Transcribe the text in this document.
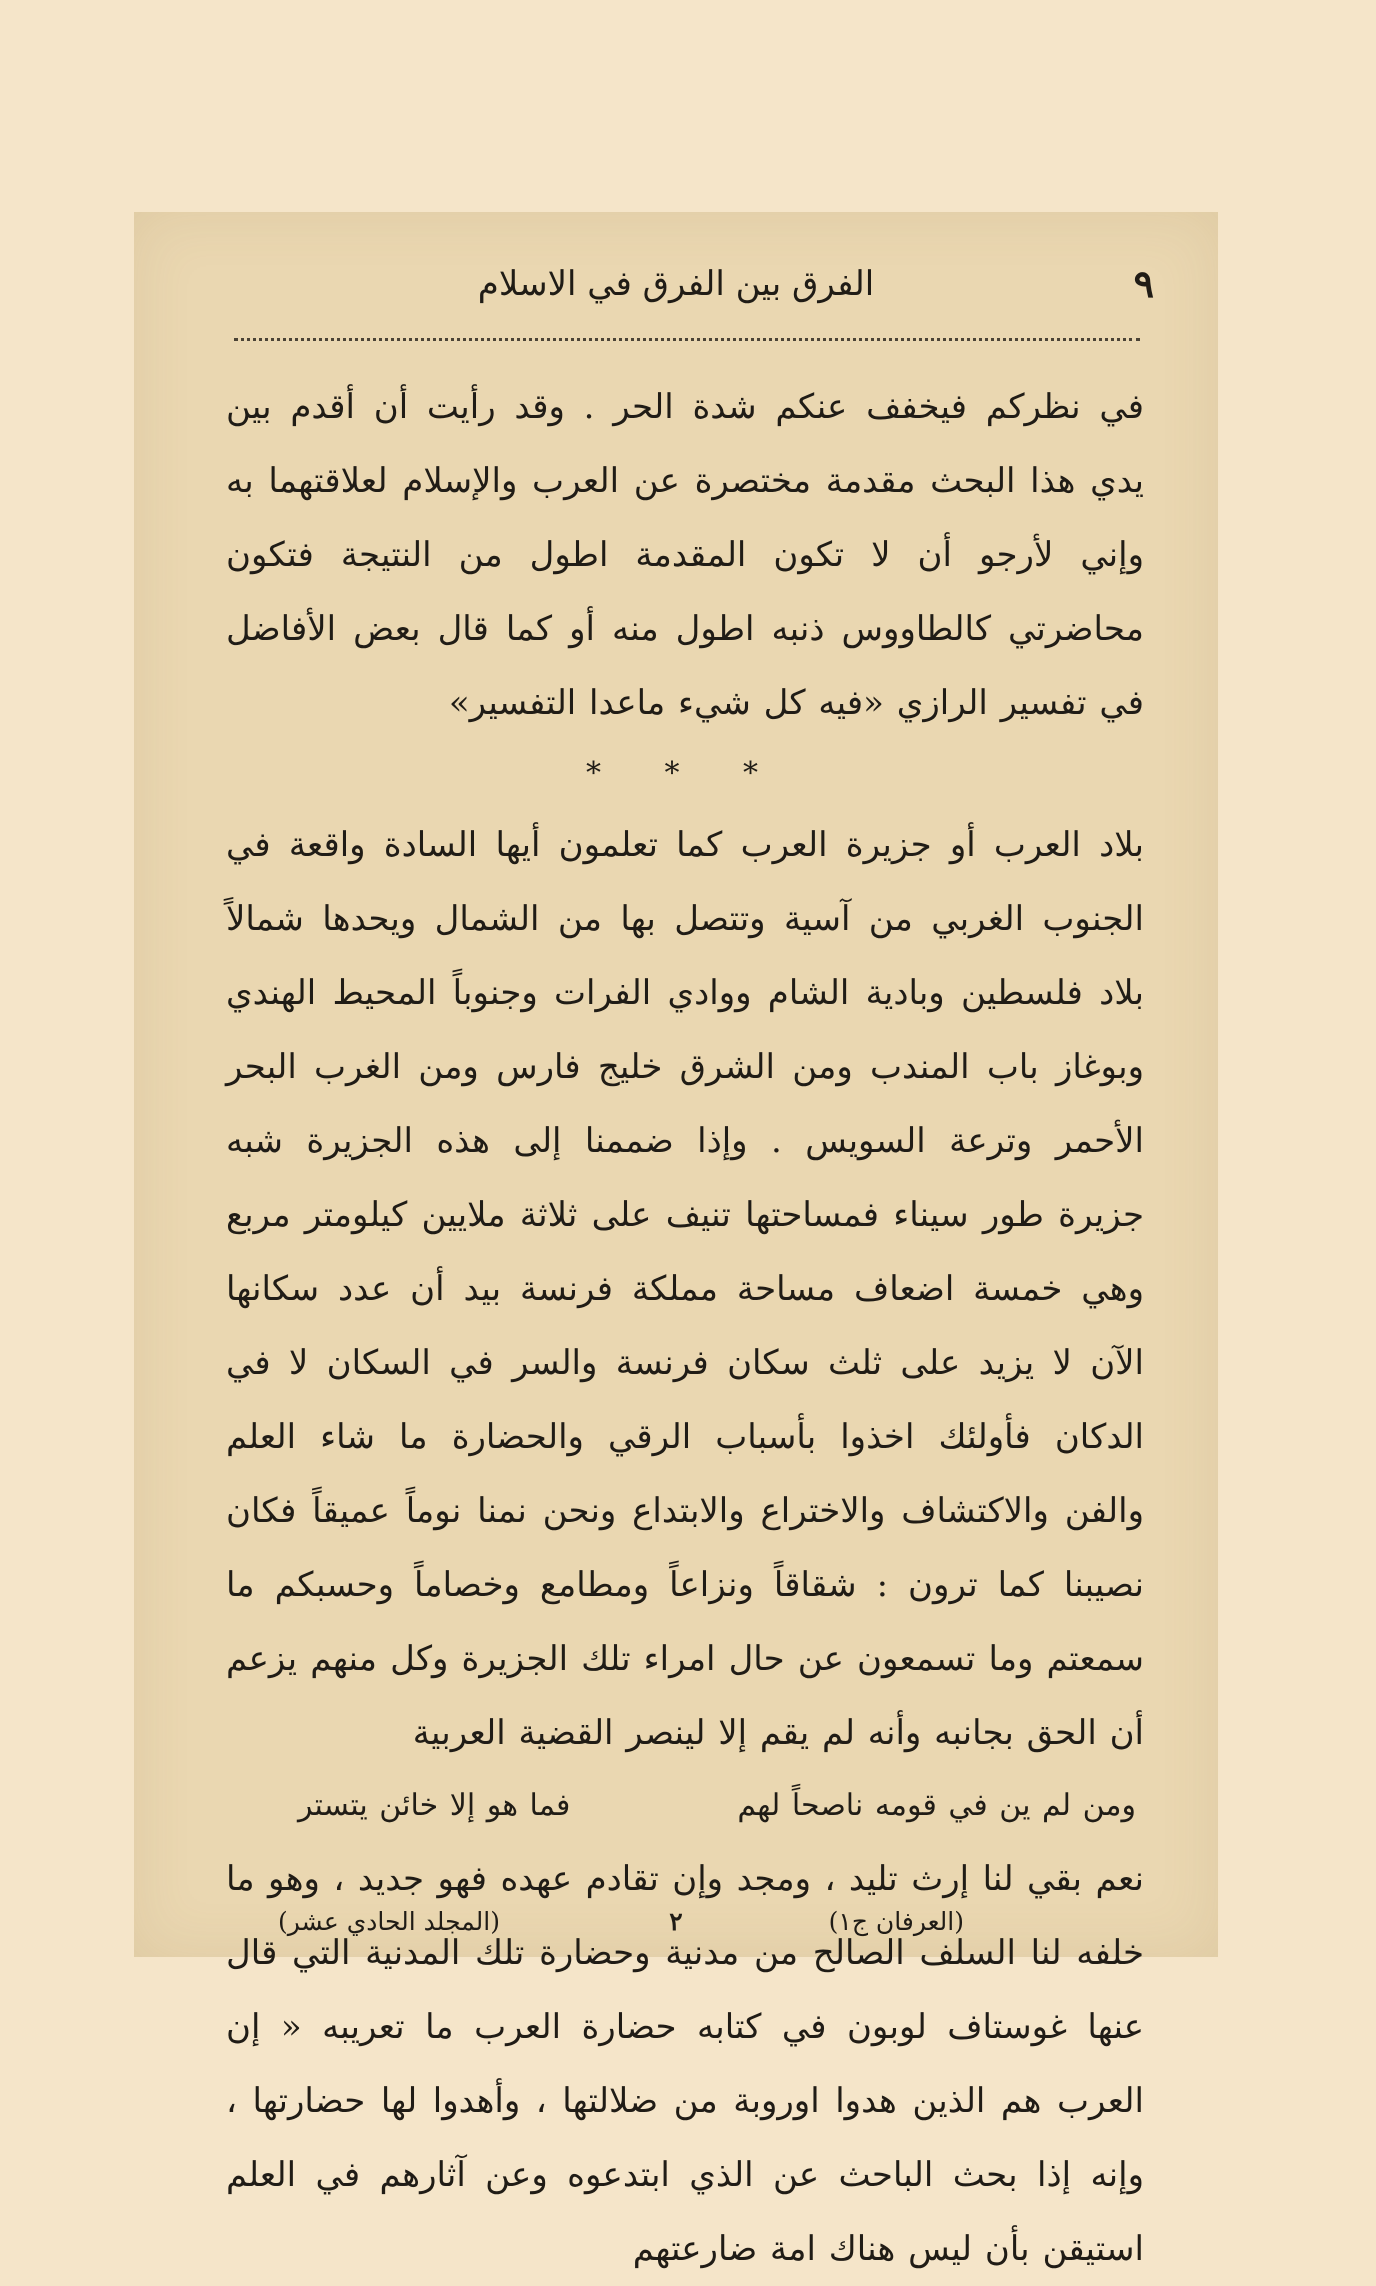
٩
الفرق بين الفرق في الاسلام

في نظركم فيخفف عنكم شدة الحر . وقد رأيت أن أقدم بين يدي هذا البحث مقدمة مختصرة عن العرب والإسلام لعلاقتهما به وإني لأرجو أن لا تكون المقدمة اطول من النتيجة فتكون محاضرتي كالطاووس ذنبه اطول منه أو كما قال بعض الأفاضل في تفسير الرازي «فيه كل شيء ماعدا التفسير»

* * *

بلاد العرب أو جزيرة العرب كما تعلمون أيها السادة واقعة في الجنوب الغربي من آسية وتتصل بها من الشمال ويحدها شمالاً بلاد فلسطين وبادية الشام ووادي الفرات وجنوباً المحيط الهندي وبوغاز باب المندب ومن الشرق خليج فارس ومن الغرب البحر الأحمر وترعة السويس . وإذا ضممنا إلى هذه الجزيرة شبه جزيرة طور سيناء فمساحتها تنيف على ثلاثة ملايين كيلومتر مربع وهي خمسة اضعاف مساحة مملكة فرنسة بيد أن عدد سكانها الآن لا يزيد على ثلث سكان فرنسة والسر في السكان لا في الدكان فأولئك اخذوا بأسباب الرقي والحضارة ما شاء العلم والفن والاكتشاف والاختراع والابتداع ونحن نمنا نوماً عميقاً فكان نصيبنا كما ترون : شقاقاً ونزاعاً ومطامع وخصاماً وحسبكم ما سمعتم وما تسمعون عن حال امراء تلك الجزيرة وكل منهم يزعم أن الحق بجانبه وأنه لم يقم إلا لينصر القضية العربية

ومن لم ين في قومه ناصحاً لهم
فما هو إلا خائن يتستر

نعم بقي لنا إرث تليد ، ومجد وإن تقادم عهده فهو جديد ، وهو ما خلفه لنا السلف الصالح من مدنية وحضارة تلك المدنية التي قال عنها غوستاف لوبون في كتابه حضارة العرب ما تعريبه « إن العرب هم الذين هدوا اوروبة من ضلالتها ، وأهدوا لها حضارتها ، وإنه إذا بحث الباحث عن الذي ابتدعوه وعن آثارهم في العلم استيقن بأن ليس هناك امة ضارعتهم

(المجلد الحادي عشر)	٢	(العرفان ج١)
